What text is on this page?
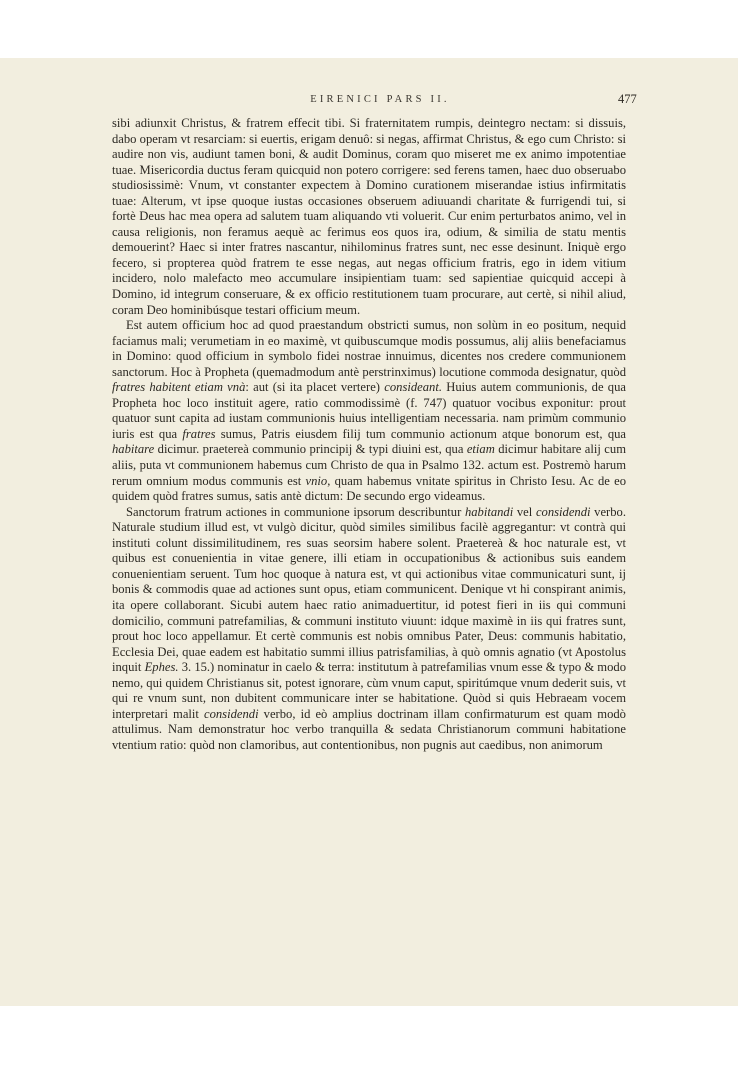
EIRENICI PARS II.	477

sibi adiunxit Christus, & fratrem effecit tibi. Si fraternitatem rumpis, deintegro nectam: si dissuis, dabo operam vt resarciam: si euertis, erigam denuô: si negas, affirmat Christus, & ego cum Christo: si audire non vis, audiunt tamen boni, & audit Dominus, coram quo miseret me ex animo impotentiae tuae. Misericordia ductus feram quicquid non potero corrigere: sed ferens tamen, haec duo obseruabo studiosissimè: Vnum, vt constanter expectem à Domino curationem miserandae istius infirmitatis tuae: Alterum, vt ipse quoque iustas occasiones obseruem adiuuandi charitate & furrigendi tui, si fortè Deus hac mea opera ad salutem tuam aliquando vti voluerit. Cur enim perturbatos animo, vel in causa religionis, non feramus aequè ac ferimus eos quos ira, odium, & similia de statu mentis demouerint? Haec si inter fratres nascantur, nihilominus fratres sunt, nec esse desinunt. Iniquè ergo fecero, si propterea quòd fratrem te esse negas, aut negas officium fratris, ego in idem vitium incidero, nolo malefacto meo accumulare insipientiam tuam: sed sapientiae quicquid accepi à Domino, id integrum conseruare, & ex officio restitutionem tuam procurare, aut certè, si nihil aliud, coram Deo hominibúsque testari officium meum.

Est autem officium hoc ad quod praestandum obstricti sumus, non solùm in eo positum, nequid faciamus mali; verumetiam in eo maximè, vt quibuscumque modis possumus, alij aliis benefaciamus in Domino: quod officium in symbolo fidei nostrae innuimus, dicentes nos credere communionem sanctorum. Hoc à Propheta (quemadmodum antè perstrinximus) locutione commoda designatur, quòd fratres habitent etiam vnà: aut (si ita placet vertere) consideant. Huius autem communionis, de qua Propheta hoc loco instituit agere, ratio commodissimè (f. 747) quatuor vocibus exponitur: prout quatuor sunt capita ad iustam communionis huius intelligentiam necessaria. nam primùm communio iuris est qua fratres sumus, Patris eiusdem filij tum communio actionum atque bonorum est, qua habitare dicimur. praetereà communio principij & typi diuini est, qua etiam dicimur habitare alij cum aliis, puta vt communionem habemus cum Christo de qua in Psalmo 132. actum est. Postremò harum rerum omnium modus communis est vnio, quam habemus vnitate spiritus in Christo Iesu. Ac de eo quidem quòd fratres sumus, satis antè dictum: De secundo ergo videamus.

Sanctorum fratrum actiones in communione ipsorum describuntur habitandi vel considendi verbo. Naturale studium illud est, vt vulgò dicitur, quòd similes similibus facilè aggregantur: vt contrà qui instituti colunt dissimilitudinem, res suas seorsim habere solent. Praetereà & hoc naturale est, vt quibus est conuenientia in vitae genere, illi etiam in occupationibus & actionibus suis eandem conuenientiam seruent. Tum hoc quoque à natura est, vt qui actionibus vitae communicaturi sunt, ij bonis & commodis quae ad actiones sunt opus, etiam communicent. Denique vt hi conspirant animis, ita opere collaborant. Sicubi autem haec ratio animaduertitur, id potest fieri in iis qui communi domicilio, communi patrefamilias, & communi instituto viuunt: idque maximè in iis qui fratres sunt, prout hoc loco appellamur. Et certè communis est nobis omnibus Pater, Deus: communis habitatio, Ecclesia Dei, quae eadem est habitatio summi illius patrisfamilias, à quò omnis agnatio (vt Apostolus inquit Ephes. 3. 15.) nominatur in caelo & terra: institutum à patrefamilias vnum esse & typo & modo nemo, qui quidem Christianus sit, potest ignorare, cùm vnum caput, spiritúmque vnum dederit suis, vt qui re vnum sunt, non dubitent communicare inter se habitatione. Quòd si quis Hebraeam vocem interpretari malit considendi verbo, id eò amplius doctrinam illam confirmaturum est quam modò attulimus. Nam demonstratur hoc verbo tranquilla & sedata Christianorum communi habitatione vtentium ratio: quòd non clamoribus, aut contentionibus, non pugnis aut caedibus, non animorum
